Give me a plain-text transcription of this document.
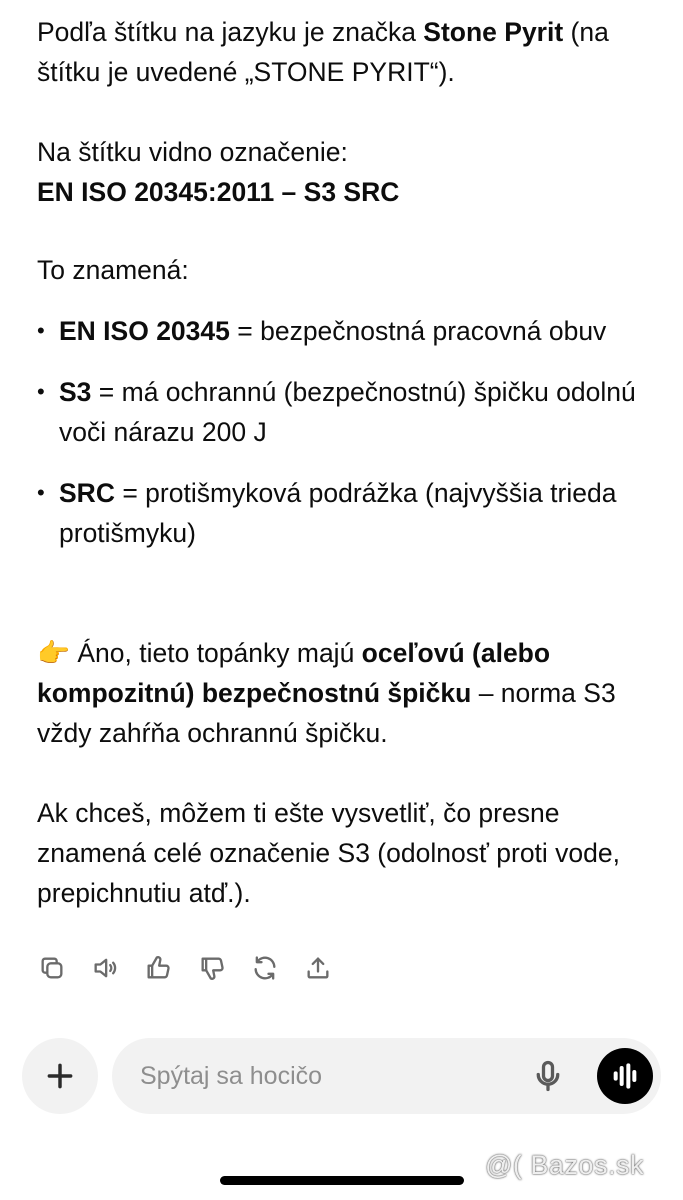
Podľa štítku na jazyku je značka Stone Pyrit (na štítku je uvedené „STONE PYRIT“).

Na štítku vidno označenie:
EN ISO 20345:2011 – S3 SRC

To znamená:

• EN ISO 20345 = bezpečnostná pracovná obuv
• S3 = má ochrannú (bezpečnostnú) špičku odolnú voči nárazu 200 J
• SRC = protišmyková podrážka (najvyššia trieda protišmyku)

👉 Áno, tieto topánky majú oceľovú (alebo kompozitnú) bezpečnostnú špičku – norma S3 vždy zahŕňa ochrannú špičku.

Ak chceš, môžem ti ešte vysvetliť, čo presne znamená celé označenie S3 (odolnosť proti vode, prepichnutiu atď.).

Spýtaj sa hocičo
@( Bazos.sk
